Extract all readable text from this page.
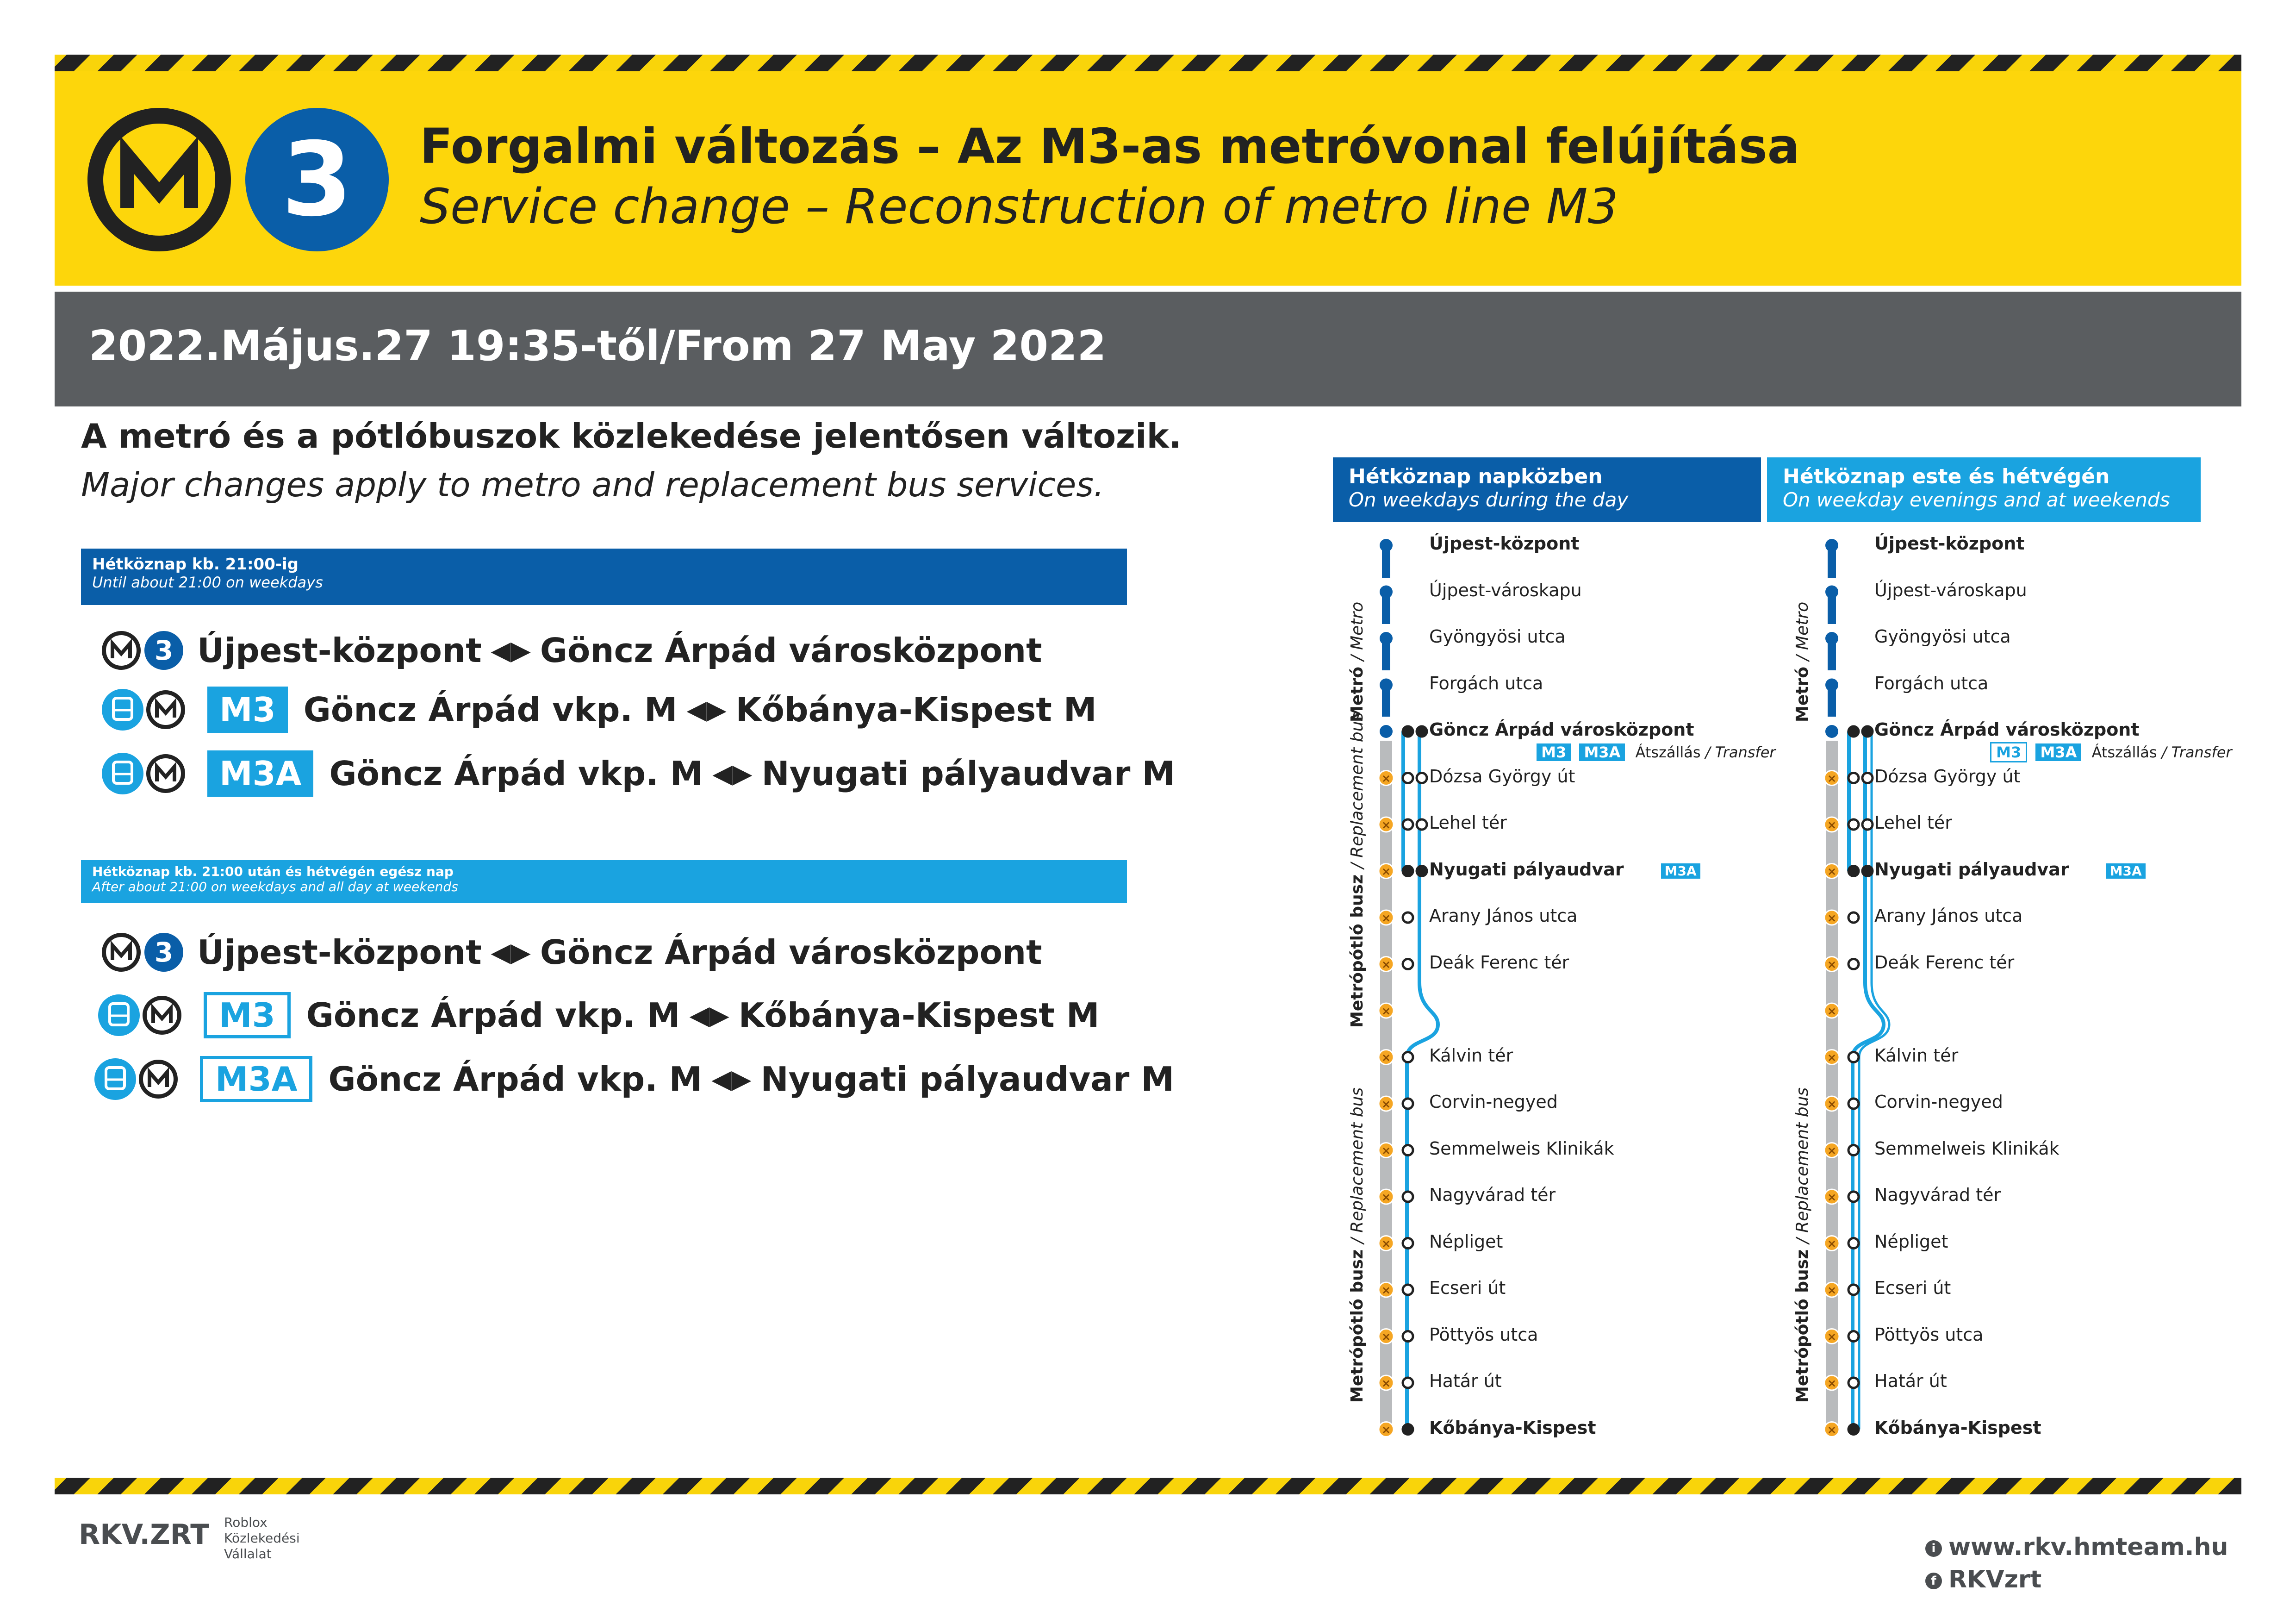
3	Forgalmi változás – Az M3-as metróvonal felújítása
Service change – Reconstruction of metro line M3
2022.Május.27 19:35-től/From 27 May 2022
A metró és a pótlóbuszok közlekedése jelentősen változik.
Major changes apply to metro and replacement bus services.
Hétköznap kb. 21:00-ig
Until about 21:00 on weekdays
3 Újpest-központ ◀▶ Göncz Árpád városközpont
M3 Göncz Árpád vkp. M ◀▶ Kőbánya-Kispest M
M3A Göncz Árpád vkp. M ◀▶ Nyugati pályaudvar M
Hétköznap kb. 21:00 után és hétvégén egész nap
After about 21:00 on weekdays and all day at weekends
3 Újpest-központ ◀▶ Göncz Árpád városközpont
M3 Göncz Árpád vkp. M ◀▶ Kőbánya-Kispest M
M3A Göncz Árpád vkp. M ◀▶ Nyugati pályaudvar M
Hétköznap napközben
On weekdays during the day
Hétköznap este és hétvégén
On weekday evenings and at weekends
×
×
×
×
×
×
×
×
×
×
×
×
×
×
×
×
×
×
×
×
×
×
×
×
×
×
×
×
×
×
Újpest-központ
Újpest-városkapu
Gyöngyösi utca
Forgách utca
Göncz Árpád városközpont
Dózsa György út
Lehel tér
Nyugati pályaudvar	M3A
Arany János utca
Deák Ferenc tér
Kálvin tér
Corvin-negyed
Semmelweis Klinikák
Nagyvárad tér
Népliget
Ecseri út
Pöttyös utca
Határ út
Kőbánya-Kispest
Újpest-központ
Újpest-városkapu
Gyöngyösi utca
Forgách utca
Göncz Árpád városközpont
Dózsa György út
Lehel tér
Nyugati pályaudvar	M3A
Arany János utca
Deák Ferenc tér
Kálvin tér
Corvin-negyed
Semmelweis Klinikák
Nagyvárad tér
Népliget
Ecseri út
Pöttyös utca
Határ út
Kőbánya-Kispest
Metró / Metro
Metrópótló busz / Replacement bus
Metrópótló busz / Replacement bus
Metró / Metro
Metrópótló busz / Replacement bus
M3 M3A Átszállás / Transfer	M3 M3A Átszállás / Transfer
RKV.ZRT Roblox
Közlekedési
Vállalat	i www.rkv.hmteam.hu
f RKVzrt
